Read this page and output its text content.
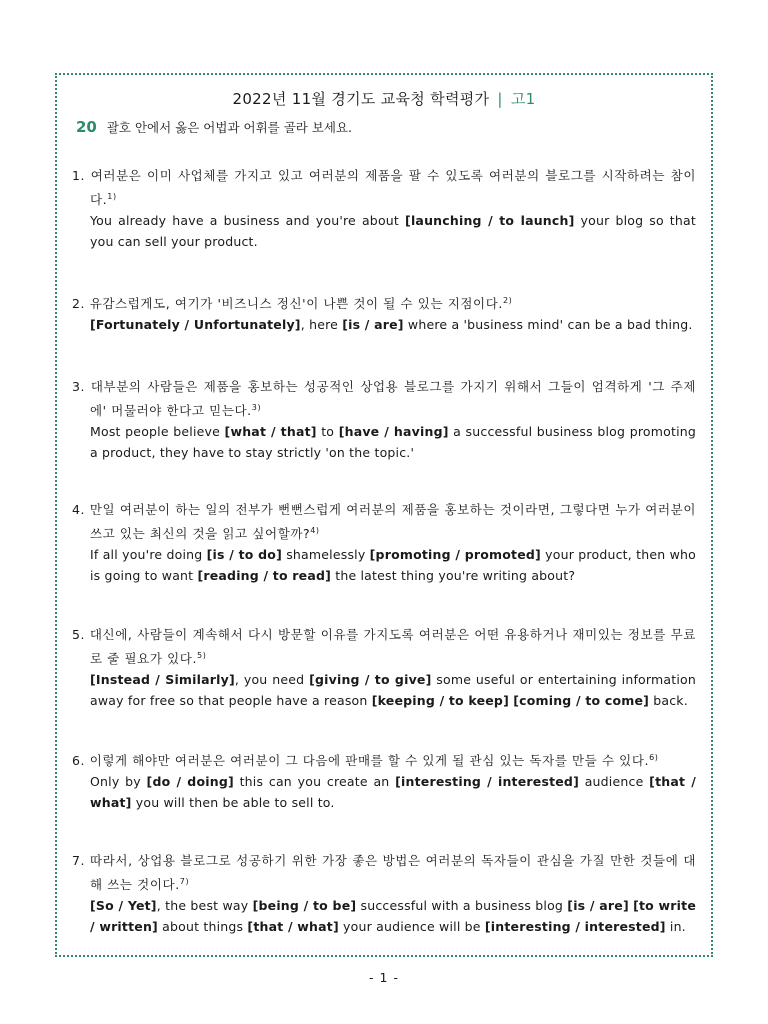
2022년 11월 경기도 교육청 학력평가 | 고1
20 괄호 안에서 옳은 어법과 어휘를 골라 보세요.
1. 여러분은 이미 사업체를 가지고 있고 여러분의 제품을 팔 수 있도록 여러분의 블로그를 시작하려는 참이다.$^{1)}$
You already have a business and you're about [launching / to launch] your blog so that you can sell your product.
2. 유감스럽게도, 여기가 '비즈니스 정신'이 나쁜 것이 될 수 있는 지점이다.$^{2)}$
[Fortunately / Unfortunately], here [is / are] where a 'business mind' can be a bad thing.
3. 대부분의 사람들은 제품을 홍보하는 성공적인 상업용 블로그를 가지기 위해서 그들이 엄격하게 '그 주제에' 머물러야 한다고 믿는다.$^{3)}$
Most people believe [what / that] to [have / having] a successful business blog promoting a product, they have to stay strictly 'on the topic.'
4. 만일 여러분이 하는 일의 전부가 뻔뻔스럽게 여러분의 제품을 홍보하는 것이라면, 그렇다면 누가 여러분이 쓰고 있는 최신의 것을 읽고 싶어할까?$^{4)}$
If all you're doing [is / to do] shamelessly [promoting / promoted] your product, then who is going to want [reading / to read] the latest thing you're writing about?
5. 대신에, 사람들이 계속해서 다시 방문할 이유를 가지도록 여러분은 어떤 유용하거나 재미있는 정보를 무료로 줄 필요가 있다.$^{5)}$
[Instead / Similarly], you need [giving / to give] some useful or entertaining information away for free so that people have a reason [keeping / to keep] [coming / to come] back.
6. 이렇게 해야만 여러분은 여러분이 그 다음에 판매를 할 수 있게 될 관심 있는 독자를 만들 수 있다.$^{6)}$
Only by [do / doing] this can you create an [interesting / interested] audience [that / what] you will then be able to sell to.
7. 따라서, 상업용 블로그로 성공하기 위한 가장 좋은 방법은 여러분의 독자들이 관심을 가질 만한 것들에 대해 쓰는 것이다.$^{7)}$
[So / Yet], the best way [being / to be] successful with a business blog [is / are] [to write / written] about things [that / what] your audience will be [interesting / interested] in.
- 1 -
